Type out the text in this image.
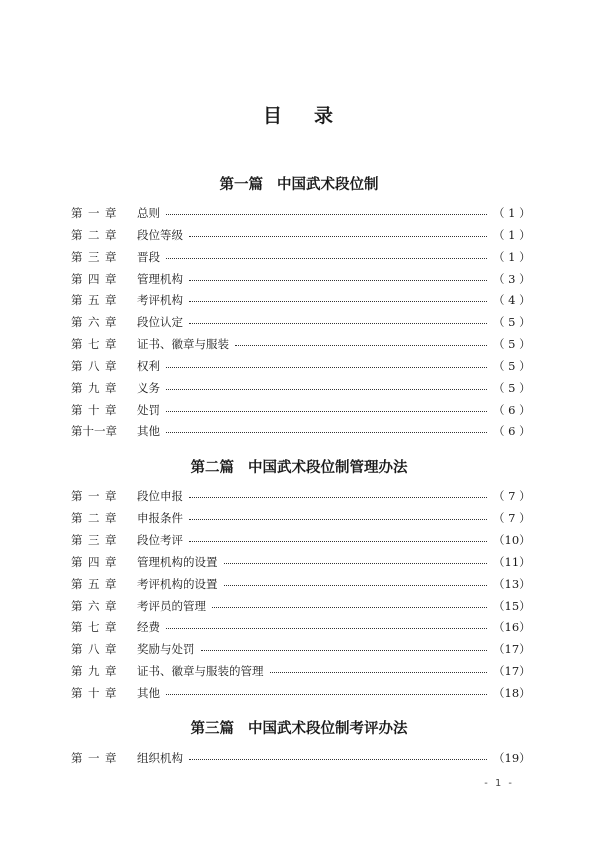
目 录
第一篇 中国武术段位制
第 一 章	总则	（ 1 ）
第 二 章	段位等级	（ 1 ）
第 三 章	晋段	（ 1 ）
第 四 章	管理机构	（ 3 ）
第 五 章	考评机构	（ 4 ）
第 六 章	段位认定	（ 5 ）
第 七 章	证书、徽章与服装	（ 5 ）
第 八 章	权利	（ 5 ）
第 九 章	义务	（ 5 ）
第 十 章	处罚	（ 6 ）
第十一章	其他	（ 6 ）
第二篇 中国武术段位制管理办法
第 一 章	段位申报	（ 7 ）
第 二 章	申报条件	（ 7 ）
第 三 章	段位考评	（10）
第 四 章	管理机构的设置	（11）
第 五 章	考评机构的设置	（13）
第 六 章	考评员的管理	（15）
第 七 章	经费	（16）
第 八 章	奖励与处罚	（17）
第 九 章	证书、徽章与服装的管理	（17）
第 十 章	其他	（18）
第三篇 中国武术段位制考评办法
第 一 章	组织机构	（19）
- 1 -
